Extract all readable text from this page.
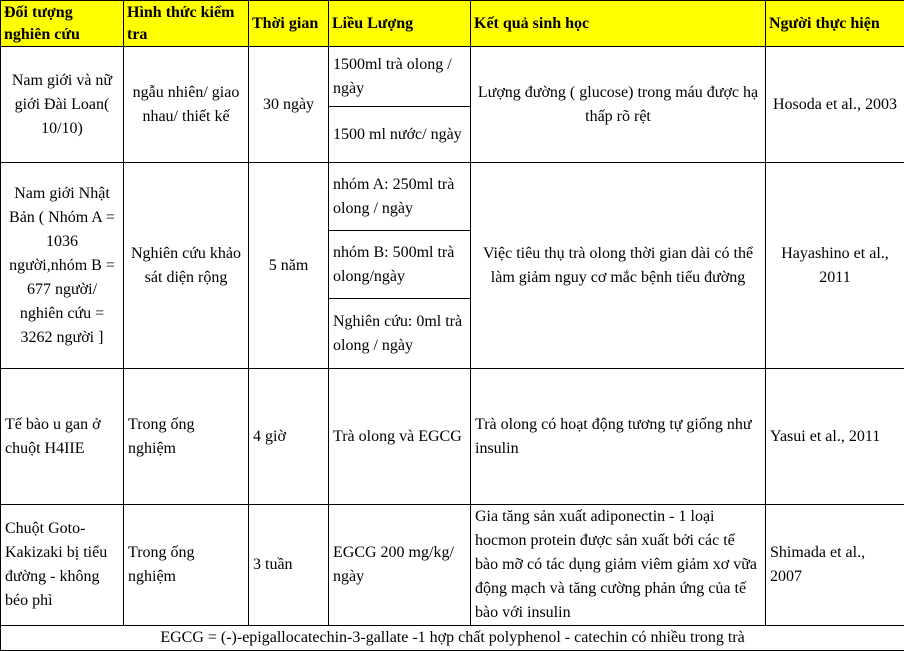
Đối tượng nghiên cứu	Hình thức kiểm tra	Thời gian	Liều Lượng	Kết quả sinh học	Người thực hiện
Nam giới và nữ giới Đài Loan( 10/10)	ngẫu nhiên/ giao nhau/ thiết kế	30 ngày	1500ml trà olong / ngày	Lượng đường ( glucose) trong máu được hạ thấp rõ rệt	Hosoda et al., 2003
			1500 ml nước/ ngày		
Nam giới Nhật Bản ( Nhóm A = 1036 người,nhóm B = 677 người/ nghiên cứu = 3262 người ]	Nghiên cứu khảo sát diện rộng	5 năm	nhóm A: 250ml trà olong / ngày	Việc tiêu thụ trà olong thời gian dài có thể làm giảm nguy cơ mắc bệnh tiểu đường	Hayashino et al., 2011
			nhóm B: 500ml trà olong/ngày		
			Nghiên cứu: 0ml trà olong / ngày		
Tế bào u gan ở chuột H4IIE	Trong ống nghiệm	4 giờ	Trà olong và EGCG	Trà olong có hoạt động tương tự giống như insulin	Yasui et al., 2011
Chuột Goto-Kakizaki bị tiểu đường - không béo phì	Trong ống nghiệm	3 tuần	EGCG 200 mg/kg/ ngày	Gia tăng sản xuất adiponectin - 1 loại hocmon protein được sản xuất bởi các tế bào mỡ có tác dụng giảm viêm giảm xơ vữa động mạch và tăng cường phản ứng của tế bào với insulin	Shimada et al., 2007
EGCG = (-)-epigallocatechin-3-gallate -1 hợp chất polyphenol - catechin có nhiều trong trà					
